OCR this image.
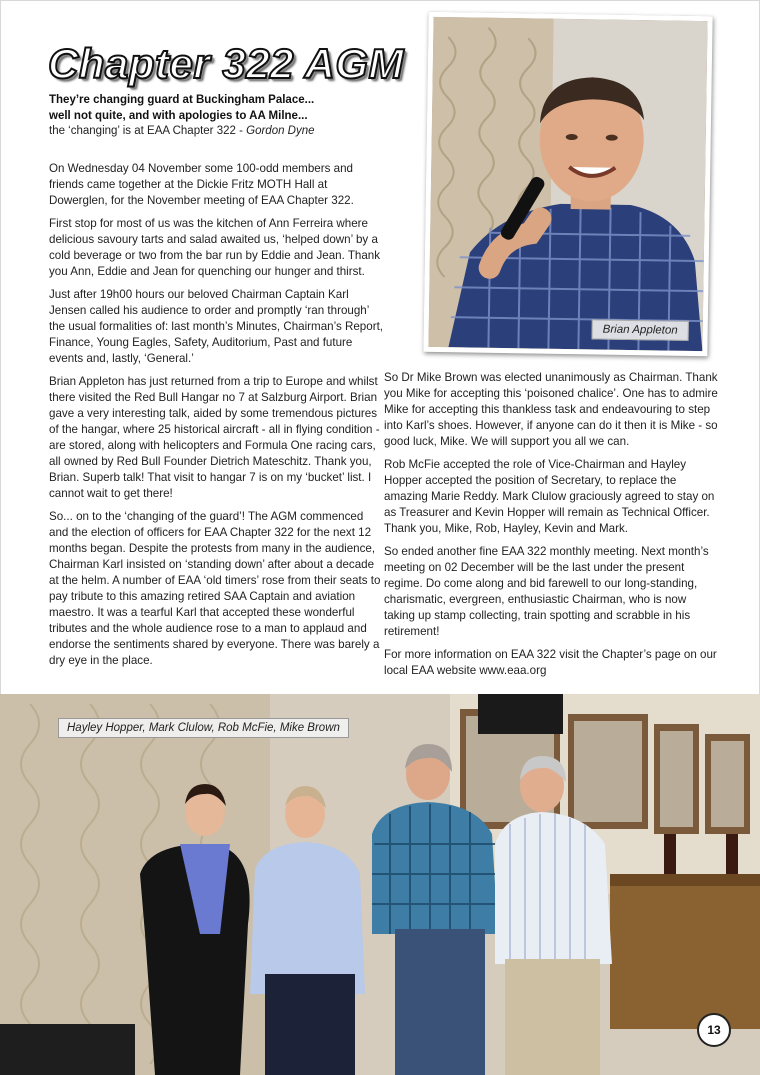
Chapter 322 AGM
They’re changing guard at Buckingham Palace...
well not quite, and with apologies to AA Milne...
the ‘changing’ is at EAA Chapter 322 - Gordon Dyne

On Wednesday 04 November some 100-odd members and friends came together at the Dickie Fritz MOTH Hall at Dowerglen, for the November meeting of EAA Chapter 322.

First stop for most of us was the kitchen of Ann Ferreira where delicious savoury tarts and salad awaited us, ‘helped down’ by a cold beverage or two from the bar run by Eddie and Jean. Thank you Ann, Eddie and Jean for quenching our hunger and thirst.

Just after 19h00 hours our beloved Chairman Captain Karl Jensen called his audience to order and promptly ‘ran through’ the usual formalities of: last month’s Minutes, Chairman’s Report, Finance, Young Eagles, Safety, Auditorium, Past and future events and, lastly, ‘General.’

Brian Appleton has just returned from a trip to Europe and whilst there visited the Red Bull Hangar no 7 at Salzburg Airport. Brian gave a very interesting talk, aided by some tremendous pictures of the hangar, where 25 historical aircraft - all in flying condition - are stored, along with helicopters and Formula One racing cars, all owned by Red Bull Founder Dietrich Mateschitz. Thank you, Brian. Superb talk! That visit to hangar 7 is on my ‘bucket’ list. I cannot wait to get there!

So... on to the ‘changing of the guard’! The AGM commenced and the election of officers for EAA Chapter 322 for the next 12 months began. Despite the protests from many in the audience, Chairman Karl insisted on ‘standing down’ after about a decade at the helm. A number of EAA ‘old timers’ rose from their seats to pay tribute to this amazing retired SAA Captain and aviation maestro. It was a tearful Karl that accepted these wonderful tributes and the whole audience rose to a man to applaud and endorse the sentiments shared by everyone. There was barely a dry eye in the place.

So Dr Mike Brown was elected unanimously as Chairman. Thank you Mike for accepting this ‘poisoned chalice’. One has to admire Mike for accepting this thankless task and endeavouring to step into Karl’s shoes. However, if anyone can do it then it is Mike - so good luck, Mike. We will support you all we can.

Rob McFie accepted the role of Vice-Chairman and Hayley Hopper accepted the position of Secretary, to replace the amazing Marie Reddy. Mark Clulow graciously agreed to stay on as Treasurer and Kevin Hopper will remain as Technical Officer. Thank you, Mike, Rob, Hayley, Kevin and Mark.

So ended another fine EAA 322 monthly meeting. Next month’s meeting on 02 December will be the last under the present regime. Do come along and bid farewell to our long-standing, charismatic, evergreen, enthusiastic Chairman, who is now taking up stamp collecting, train spotting and scrabble in his retirement!

For more information on EAA 322 visit the Chapter’s page on our local EAA website www.eaa.org

Brian Appleton
Hayley Hopper, Mark Clulow, Rob McFie, Mike Brown
13
